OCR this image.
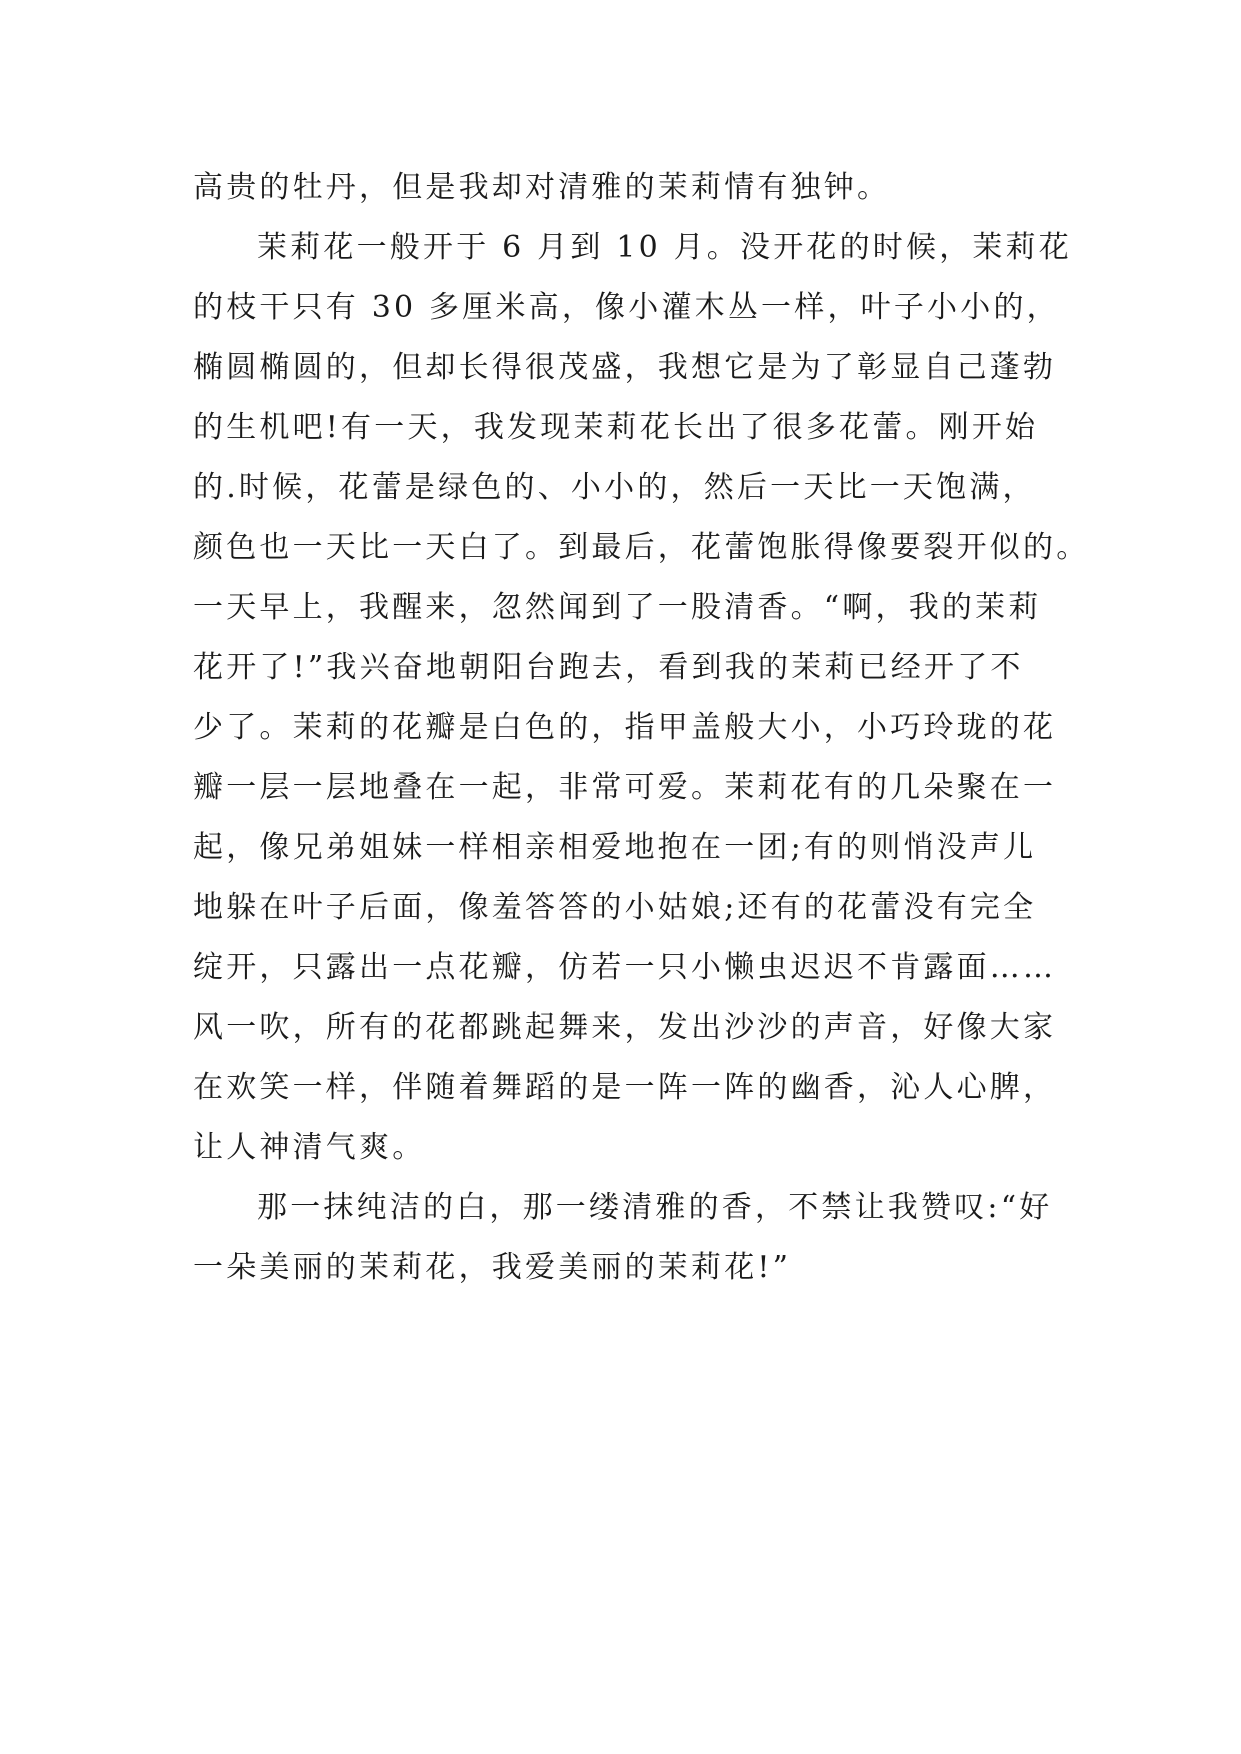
高贵的牡丹，但是我却对清雅的茉莉情有独钟。
茉莉花一般开于 6 月到 10 月。没开花的时候，茉莉花
的枝干只有 30 多厘米高，像小灌木丛一样，叶子小小的，
椭圆椭圆的，但却长得很茂盛，我想它是为了彰显自己蓬勃
的生机吧!有一天，我发现茉莉花长出了很多花蕾。刚开始
的.时候，花蕾是绿色的、小小的，然后一天比一天饱满，
颜色也一天比一天白了。到最后，花蕾饱胀得像要裂开似的。
一天早上，我醒来，忽然闻到了一股清香。“啊，我的茉莉
花开了!”我兴奋地朝阳台跑去，看到我的茉莉已经开了不
少了。茉莉的花瓣是白色的，指甲盖般大小，小巧玲珑的花
瓣一层一层地叠在一起，非常可爱。茉莉花有的几朵聚在一
起，像兄弟姐妹一样相亲相爱地抱在一团;有的则悄没声儿
地躲在叶子后面，像羞答答的小姑娘;还有的花蕾没有完全
绽开，只露出一点花瓣，仿若一只小懒虫迟迟不肯露面……
风一吹，所有的花都跳起舞来，发出沙沙的声音，好像大家
在欢笑一样，伴随着舞蹈的是一阵一阵的幽香，沁人心脾，
让人神清气爽。
那一抹纯洁的白，那一缕清雅的香，不禁让我赞叹:“好
一朵美丽的茉莉花，我爱美丽的茉莉花!”
